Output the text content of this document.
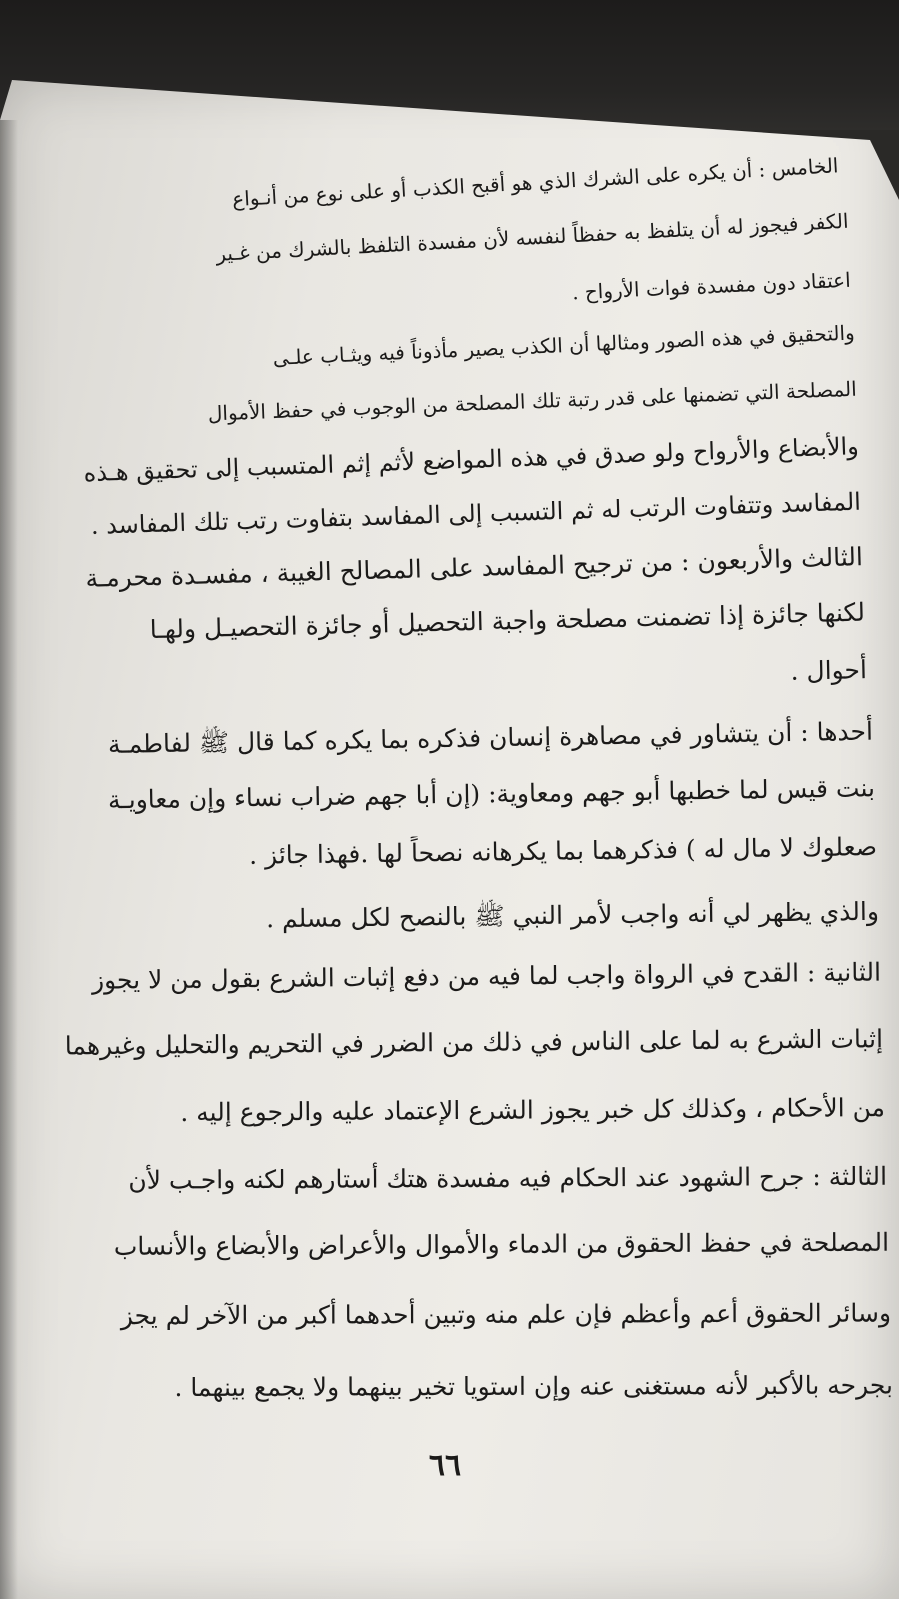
الخامس : أن يكره على الشرك الذي هو أقبح الكذب أو على نوع من أنـواع
الكفر فيجوز له أن يتلفظ به حفظاً لنفسه لأن مفسدة التلفظ بالشرك من غـير
اعتقاد دون مفسدة فوات الأرواح .
والتحقيق في هذه الصور ومثالها أن الكذب يصير مأذوناً فيه ويثـاب علـى
المصلحة التي تضمنها على قدر رتبة تلك المصلحة من الوجوب في حفظ الأموال
والأبضاع والأرواح ولو صدق في هذه المواضع لأثم إثم المتسبب إلى تحقيق هـذه
المفاسد وتتفاوت الرتب له ثم التسبب إلى المفاسد بتفاوت رتب تلك المفاسد .
الثالث والأربعون : من ترجيح المفاسد على المصالح الغيبة ، مفسـدة محرمـة
لكنها جائزة إذا تضمنت مصلحة واجبة التحصيل أو جائزة التحصيـل ولهـا
أحوال .
أحدها : أن يتشاور في مصاهرة إنسان فذكره بما يكره كما قال ﷺ لفاطمـة
بنت قيس لما خطبها أبو جهم ومعاوية: (إن أبا جهم ضراب نساء وإن معاويـة
صعلوك لا مال له ) فذكرهما بما يكرهانه نصحاً لها .فهذا جائز .
والذي يظهر لي أنه واجب لأمر النبي ﷺ بالنصح لكل مسلم .
الثانية : القدح في الرواة واجب لما فيه من دفع إثبات الشرع بقول من لا يجوز
إثبات الشرع به لما على الناس في ذلك من الضرر في التحريم والتحليل وغيرهما
من الأحكام ، وكذلك كل خبر يجوز الشرع الإعتماد عليه والرجوع إليه .
الثالثة : جرح الشهود عند الحكام فيه مفسدة هتك أستارهم لكنه واجـب لأن
المصلحة في حفظ الحقوق من الدماء والأموال والأعراض والأبضاع والأنساب
وسائر الحقوق أعم وأعظم فإن علم منه وتبين أحدهما أكبر من الآخر لم يجز
بجرحه بالأكبر لأنه مستغنى عنه وإن استويا تخير بينهما ولا يجمع بينهما .
٦٦
